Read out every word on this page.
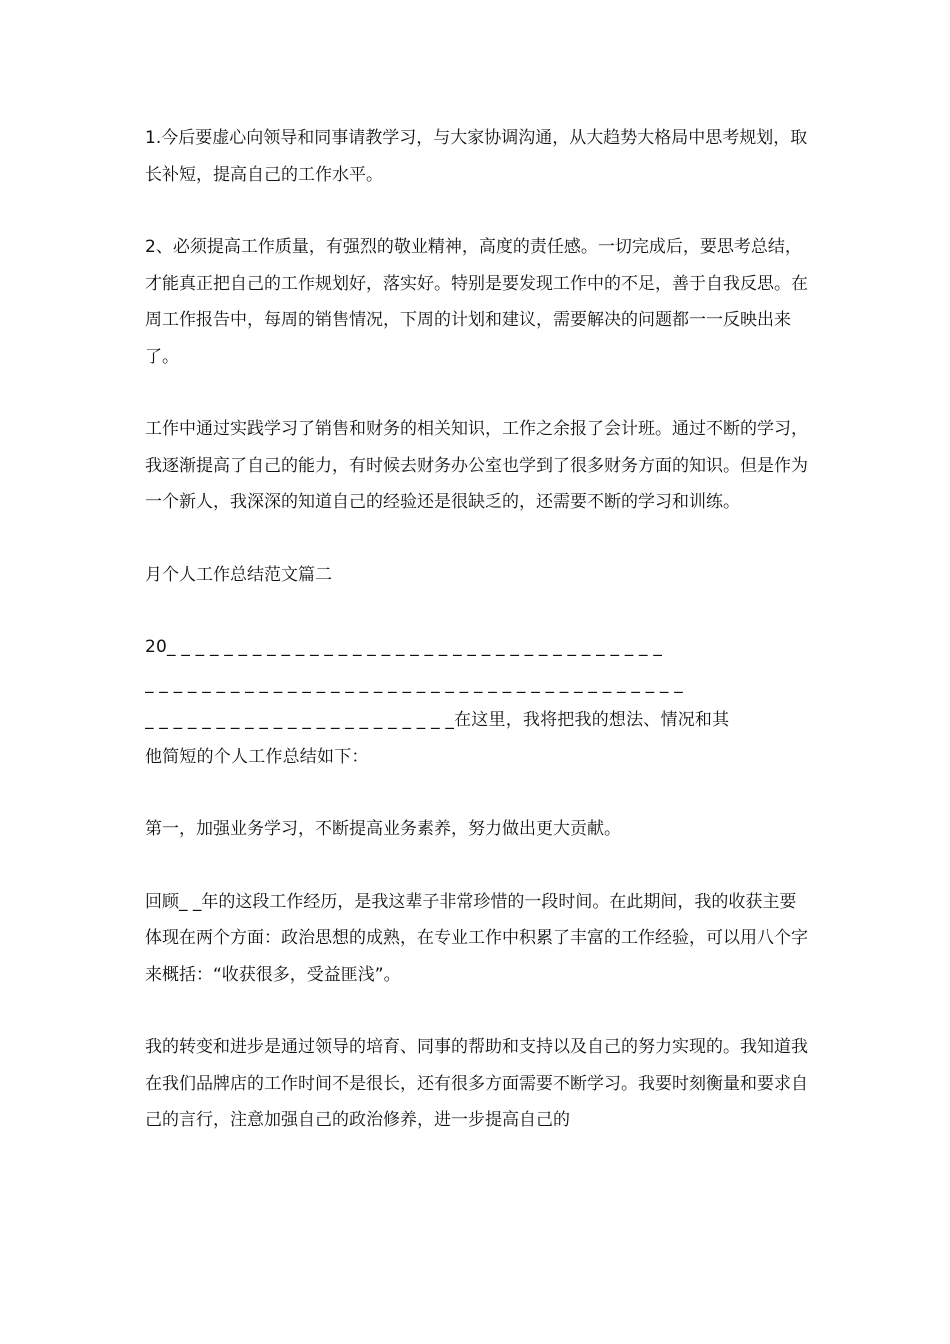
1.今后要虚心向领导和同事请教学习，与大家协调沟通，从大趋势大格局中思考规划，取长补短，提高自己的工作水平。

2、必须提高工作质量，有强烈的敬业精神，高度的责任感。一切完成后，要思考总结，才能真正把自己的工作规划好，落实好。特别是要发现工作中的不足，善于自我反思。在周工作报告中，每周的销售情况，下周的计划和建议，需要解决的问题都一一反映出来了。

工作中通过实践学习了销售和财务的相关知识，工作之余报了会计班。通过不断的学习，我逐渐提高了自己的能力，有时候去财务办公室也学到了很多财务方面的知识。但是作为一个新人，我深深的知道自己的经验还是很缺乏的，还需要不断的学习和训练。

月个人工作总结范文篇二

20_ _ _ _ _ _ _ _ _ _ _ _ _ _ _ _ _ _ _ _ _ _ _ _ _ _ _ _ _ _ _ _ _ _ _
_ _ _ _ _ _ _ _ _ _ _ _ _ _ _ _ _ _ _ _ _ _ _ _ _ _ _ _ _ _ _ _ _ _ _ _ _ _
_ _ _ _ _ _ _ _ _ _ _ _ _ _ _ _ _ _ _ _ _ _在这里，我将把我的想法、情况和其
他简短的个人工作总结如下：

第一，加强业务学习，不断提高业务素养，努力做出更大贡献。

回顾_ _年的这段工作经历，是我这辈子非常珍惜的一段时间。在此期间，我的收获主要体现在两个方面：政治思想的成熟，在专业工作中积累了丰富的工作经验，可以用八个字来概括：“收获很多，受益匪浅”。

我的转变和进步是通过领导的培育、同事的帮助和支持以及自己的努力实现的。我知道我在我们品牌店的工作时间不是很长，还有很多方面需要不断学习。我要时刻衡量和要求自己的言行，注意加强自己的政治修养，进一步提高自己的
